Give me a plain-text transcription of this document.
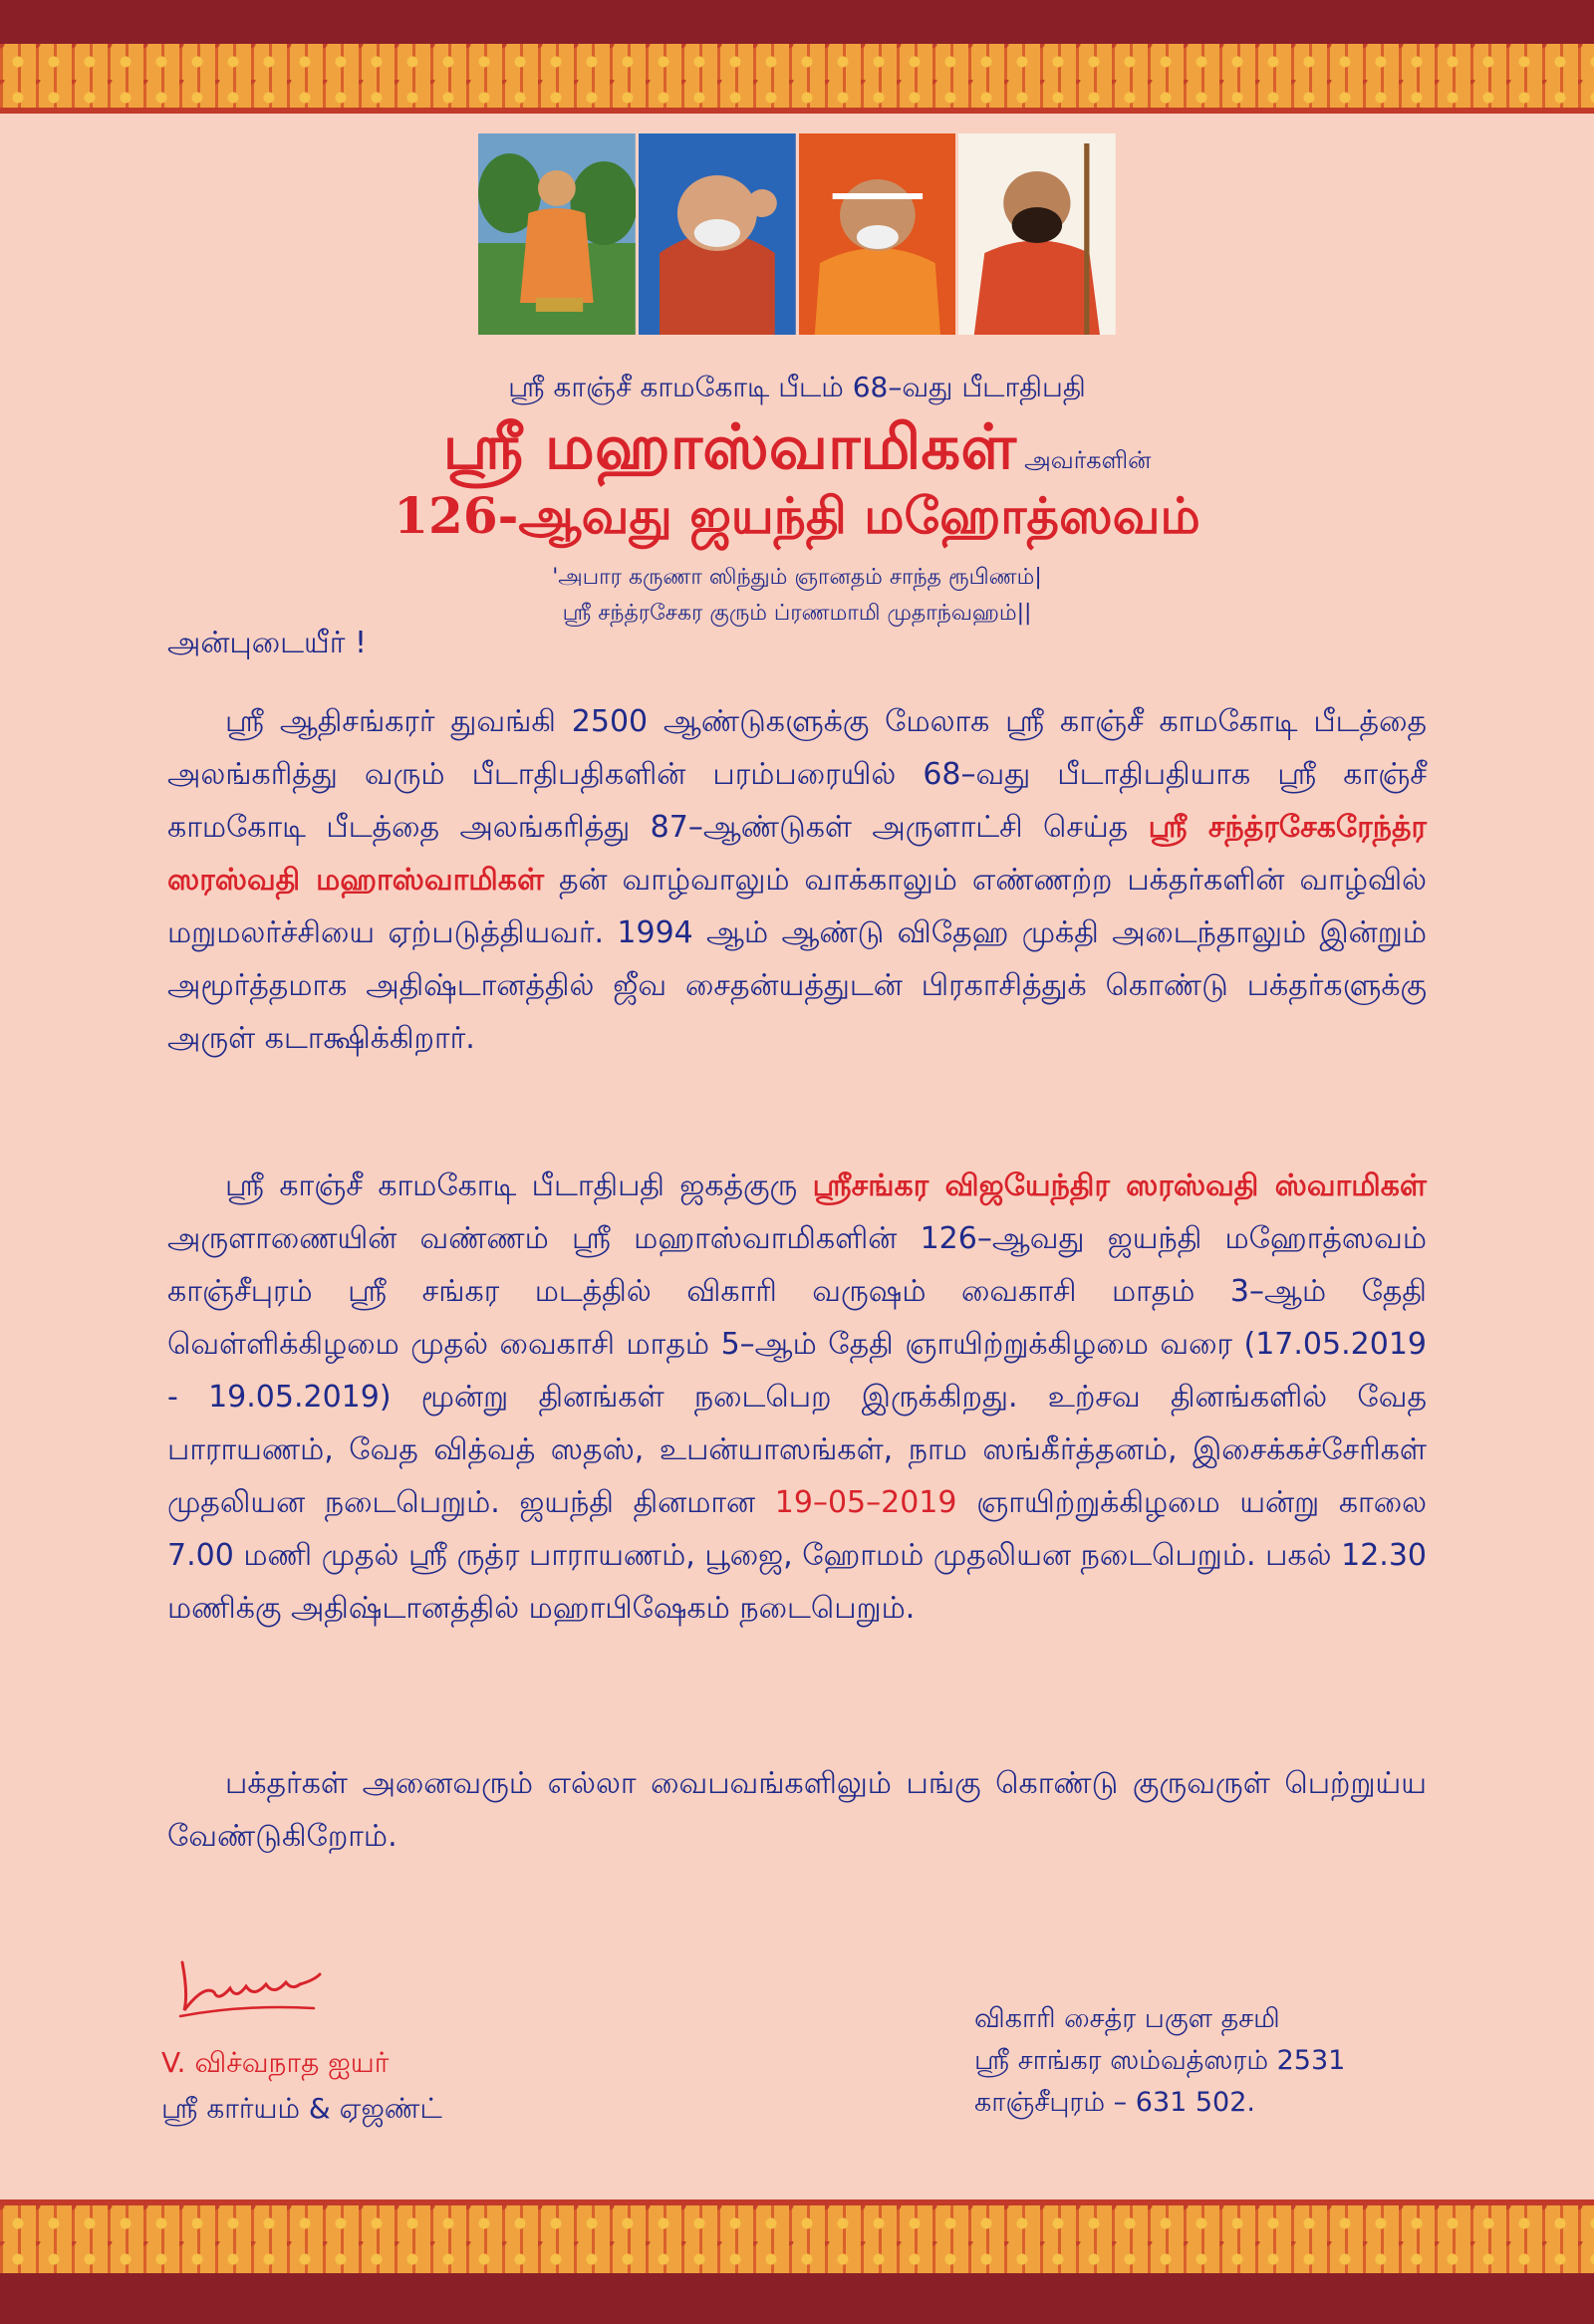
ஸ்ரீ காஞ்சீ காமகோடி பீடம் 68–வது பீடாதிபதி
ஸ்ரீ மஹாஸ்வாமிகள் அவர்களின்
126-ஆவது ஜயந்தி மஹோத்ஸவம்
'அபார கருணா ஸிந்தும் ஞானதம் சாந்த ரூபிணம்|
ஸ்ரீ சந்த்ரசேகர குரும் ப்ரணமாமி முதாந்வஹம்||
அன்புடையீர் !

ஸ்ரீ ஆதிசங்கரர் துவங்கி 2500 ஆண்டுகளுக்கு மேலாக ஸ்ரீ காஞ்சீ காமகோடி பீடத்தை அலங்கரித்து வரும் பீடாதிபதிகளின் பரம்பரையில் 68–வது பீடாதிபதியாக ஸ்ரீ காஞ்சீ காமகோடி பீடத்தை அலங்கரித்து 87–ஆண்டுகள் அருளாட்சி செய்த ஸ்ரீ சந்த்ரசேகரேந்த்ர ஸரஸ்வதி மஹாஸ்வாமிகள் தன் வாழ்வாலும் வாக்காலும் எண்ணற்ற பக்தர்களின் வாழ்வில் மறுமலர்ச்சியை ஏற்படுத்தியவர். 1994 ஆம் ஆண்டு விதேஹ முக்தி அடைந்தாலும் இன்றும் அமூர்த்தமாக அதிஷ்டானத்தில் ஜீவ சைதன்யத்துடன் பிரகாசித்துக் கொண்டு பக்தர்களுக்கு அருள் கடாக்ஷிக்கிறார்.

ஸ்ரீ காஞ்சீ காமகோடி பீடாதிபதி ஜகத்குரு ஸ்ரீசங்கர விஜயேந்திர ஸரஸ்வதி ஸ்வாமிகள் அருளாணையின் வண்ணம் ஸ்ரீ மஹாஸ்வாமிகளின் 126–ஆவது ஜயந்தி மஹோத்ஸவம் காஞ்சீபுரம் ஸ்ரீ சங்கர மடத்தில் விகாரி வருஷம் வைகாசி மாதம் 3–ஆம் தேதி வெள்ளிக்கிழமை முதல் வைகாசி மாதம் 5–ஆம் தேதி ஞாயிற்றுக்கிழமை வரை (17.05.2019 - 19.05.2019) மூன்று தினங்கள் நடைபெற இருக்கிறது. உற்சவ தினங்களில் வேத பாராயணம், வேத வித்வத் ஸதஸ், உபன்யாஸங்கள், நாம ஸங்கீர்த்தனம், இசைக்கச்சேரிகள் முதலியன நடைபெறும். ஜயந்தி தினமான 19–05–2019 ஞாயிற்றுக்கிழமை யன்று காலை 7.00 மணி முதல் ஸ்ரீ ருத்ர பாராயணம், பூஜை, ஹோமம் முதலியன நடைபெறும். பகல் 12.30 மணிக்கு அதிஷ்டானத்தில் மஹாபிஷேகம் நடைபெறும்.

பக்தர்கள் அனைவரும் எல்லா வைபவங்களிலும் பங்கு கொண்டு குருவருள் பெற்றுய்ய வேண்டுகிறோம்.

V. விச்வநாத ஐயர்
ஸ்ரீ கார்யம் & ஏஜண்ட்
விகாரி சைத்ர பகுள தசமி
ஸ்ரீ சாங்கர ஸம்வத்ஸரம் 2531
காஞ்சீபுரம் – 631 502.
